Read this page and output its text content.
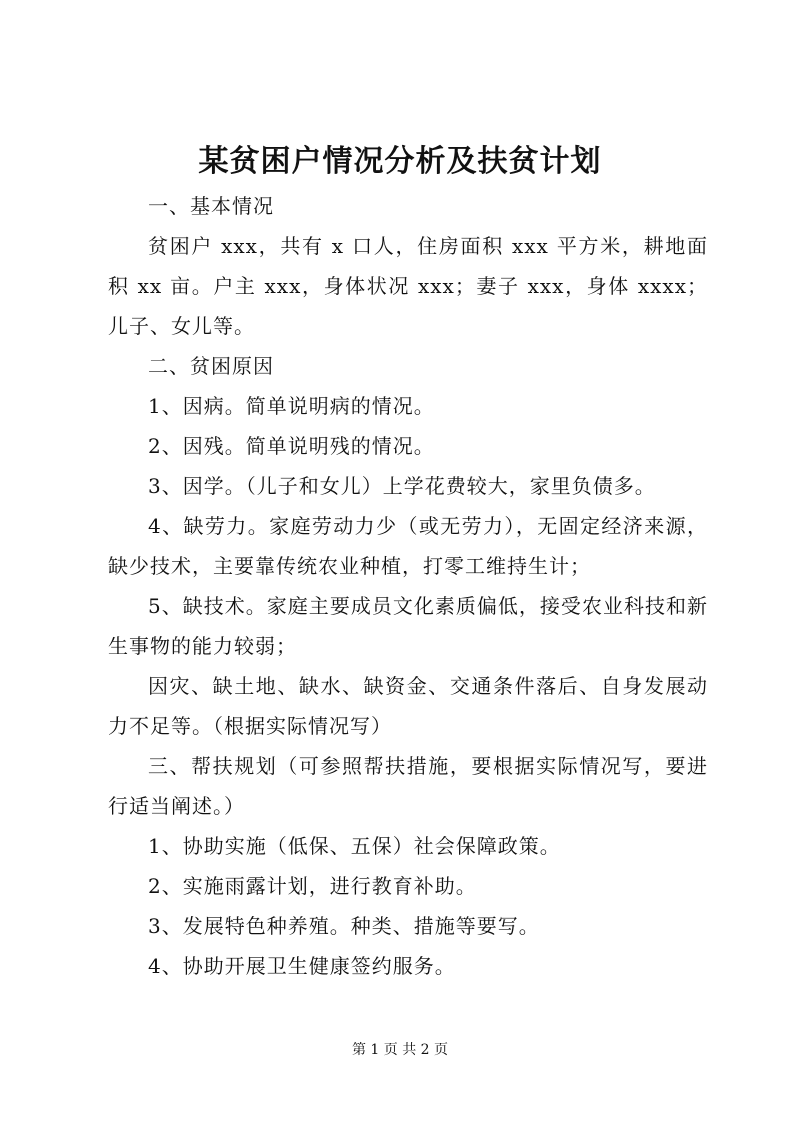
某贫困户情况分析及扶贫计划

一、基本情况

贫困户 xxx，共有 x 口人，住房面积 xxx 平方米，耕地面积 xx 亩。户主 xxx，身体状况 xxx；妻子 xxx，身体 xxxx；儿子、女儿等。

二、贫困原因

1、因病。简单说明病的情况。

2、因残。简单说明残的情况。

3、因学。（儿子和女儿）上学花费较大，家里负债多。

4、缺劳力。家庭劳动力少（或无劳力），无固定经济来源，缺少技术，主要靠传统农业种植，打零工维持生计；

5、缺技术。家庭主要成员文化素质偏低，接受农业科技和新生事物的能力较弱；

因灾、缺土地、缺水、缺资金、交通条件落后、自身发展动力不足等。（根据实际情况写）

三、帮扶规划（可参照帮扶措施，要根据实际情况写，要进行适当阐述。）

1、协助实施（低保、五保）社会保障政策。

2、实施雨露计划，进行教育补助。

3、发展特色种养殖。种类、措施等要写。

4、协助开展卫生健康签约服务。

第 1 页 共 2 页
